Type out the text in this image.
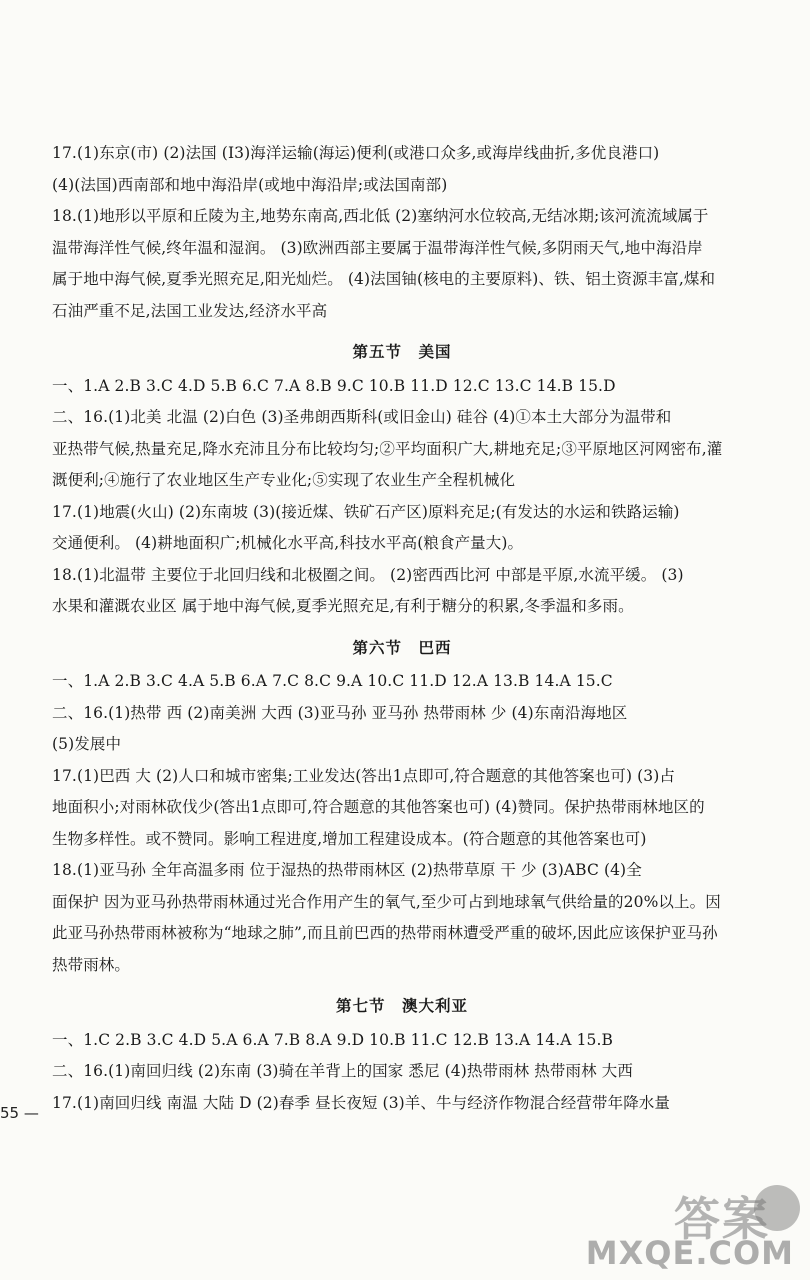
17.(1)东京(市) (2)法国 (I3)海洋运输(海运)便利(或港口众多,或海岸线曲折,多优良港口)
(4)(法国)西南部和地中海沿岸(或地中海沿岸;或法国南部)
18.(1)地形以平原和丘陵为主,地势东南高,西北低 (2)塞纳河水位较高,无结冰期;该河流流域属于
温带海洋性气候,终年温和湿润。 (3)欧洲西部主要属于温带海洋性气候,多阴雨天气,地中海沿岸
属于地中海气候,夏季光照充足,阳光灿烂。 (4)法国铀(核电的主要原料)、铁、铝土资源丰富,煤和
石油严重不足,法国工业发达,经济水平高
第五节　美国
一、1.A 2.B 3.C 4.D 5.B 6.C 7.A 8.B 9.C 10.B 11.D 12.C 13.C 14.B 15.D
二、16.(1)北美 北温 (2)白色 (3)圣弗朗西斯科(或旧金山) 硅谷 (4)①本土大部分为温带和
亚热带气候,热量充足,降水充沛且分布比较均匀;②平均面积广大,耕地充足;③平原地区河网密布,灌
溉便利;④施行了农业地区生产专业化;⑤实现了农业生产全程机械化
17.(1)地震(火山) (2)东南坡 (3)(接近煤、铁矿石产区)原料充足;(有发达的水运和铁路运输)
交通便利。 (4)耕地面积广;机械化水平高,科技水平高(粮食产量大)。
18.(1)北温带 主要位于北回归线和北极圈之间。 (2)密西西比河 中部是平原,水流平缓。 (3)
水果和灌溉农业区 属于地中海气候,夏季光照充足,有利于糖分的积累,冬季温和多雨。
第六节　巴西
一、1.A 2.B 3.C 4.A 5.B 6.A 7.C 8.C 9.A 10.C 11.D 12.A 13.B 14.A 15.C
二、16.(1)热带 西 (2)南美洲 大西 (3)亚马孙 亚马孙 热带雨林 少 (4)东南沿海地区
(5)发展中
17.(1)巴西 大 (2)人口和城市密集;工业发达(答出1点即可,符合题意的其他答案也可) (3)占
地面积小;对雨林砍伐少(答出1点即可,符合题意的其他答案也可) (4)赞同。保护热带雨林地区的
生物多样性。或不赞同。影响工程进度,增加工程建设成本。(符合题意的其他答案也可)
18.(1)亚马孙 全年高温多雨 位于湿热的热带雨林区 (2)热带草原 干 少 (3)ABC (4)全
面保护 因为亚马孙热带雨林通过光合作用产生的氧气,至少可占到地球氧气供给量的20%以上。因
此亚马孙热带雨林被称为“地球之肺”,而且前巴西的热带雨林遭受严重的破坏,因此应该保护亚马孙
热带雨林。
第七节　澳大利亚
一、1.C 2.B 3.C 4.D 5.A 6.A 7.B 8.A 9.D 10.B 11.C 12.B 13.A 14.A 15.B
二、16.(1)南回归线 (2)东南 (3)骑在羊背上的国家 悉尼 (4)热带雨林 热带雨林 大西
17.(1)南回归线 南温 大陆 D (2)春季 昼长夜短 (3)羊、牛与经济作物混合经营带年降水量
55 —
答案
MXQE.COM
